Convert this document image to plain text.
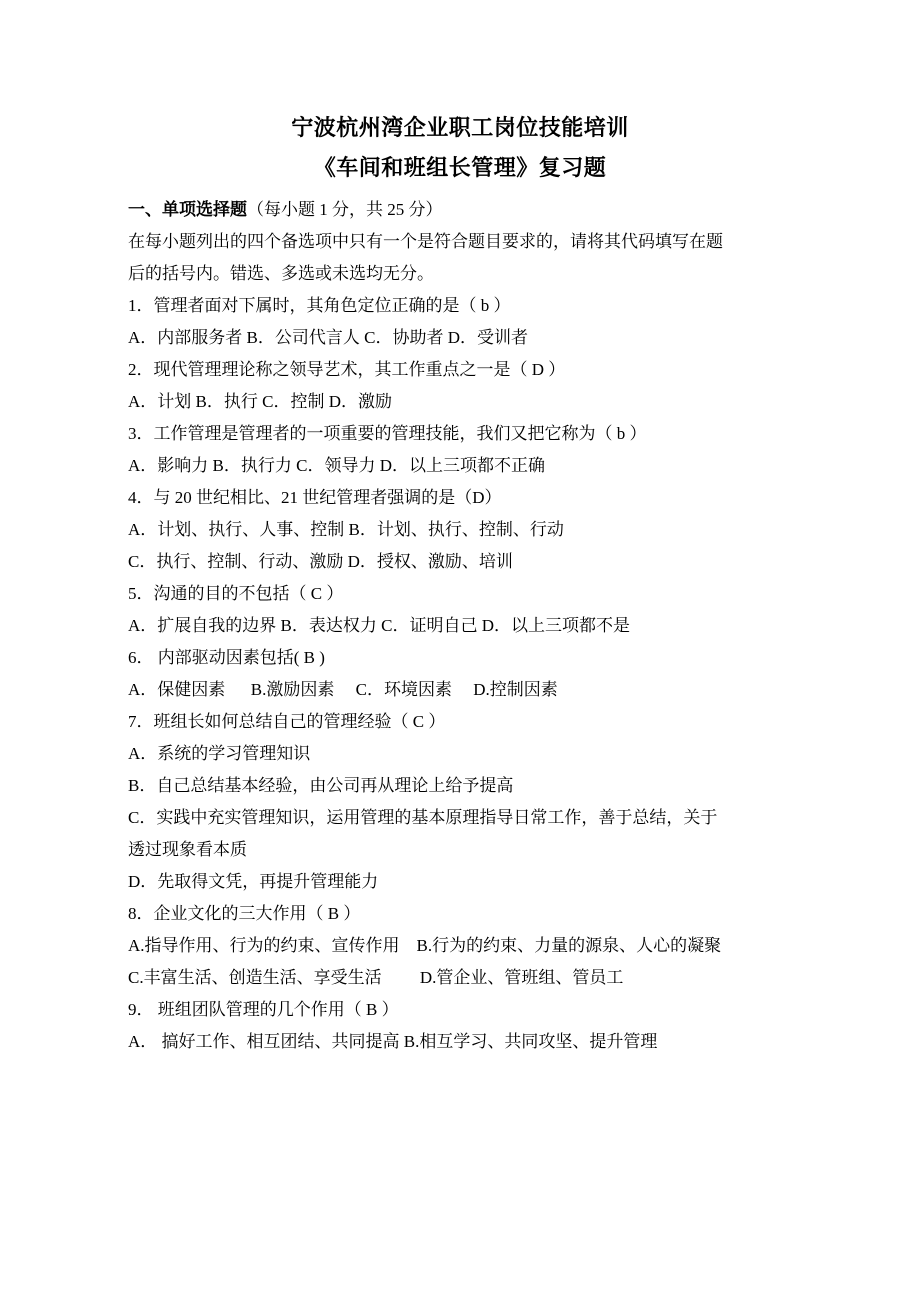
宁波杭州湾企业职工岗位技能培训
《车间和班组长管理》复习题
一、单项选择题（每小题 1 分，共 25 分）

在每小题列出的四个备选项中只有一个是符合题目要求的，请将其代码填写在题

后的括号内。错选、多选或未选均无分。

1．管理者面对下属时，其角色定位正确的是（ b ）

A．内部服务者 B．公司代言人 C．协助者 D．受训者

2．现代管理理论称之领导艺术，其工作重点之一是（ D ）

A．计划 B．执行 C．控制 D．激励

3．工作管理是管理者的一项重要的管理技能，我们又把它称为（ b ）

A．影响力 B．执行力 C．领导力 D．以上三项都不正确

4．与 20 世纪相比、21 世纪管理者强调的是（D）

A．计划、执行、人事、控制 B．计划、执行、控制、行动

C．执行、控制、行动、激励 D．授权、激励、培训

5．沟通的目的不包括（ C ）

A．扩展自我的边界 B．表达权力 C．证明自己 D．以上三项都不是

6． 内部驱动因素包括( B )

A．保健因素 　 B.激励因素 　C．环境因素 　D.控制因素

7．班组长如何总结自己的管理经验（ C ）

A．系统的学习管理知识

B．自己总结基本经验，由公司再从理论上给予提高

C．实践中充实管理知识，运用管理的基本原理指导日常工作，善于总结，关于

透过现象看本质

D．先取得文凭，再提升管理能力

8．企业文化的三大作用（ B ）

A.指导作用、行为的约束、宣传作用　B.行为的约束、力量的源泉、人心的凝聚

C.丰富生活、创造生活、享受生活　　 D.管企业、管班组、管员工

9． 班组团队管理的几个作用（ B ）

A． 搞好工作、相互团结、共同提高 B.相互学习、共同攻坚、提升管理
